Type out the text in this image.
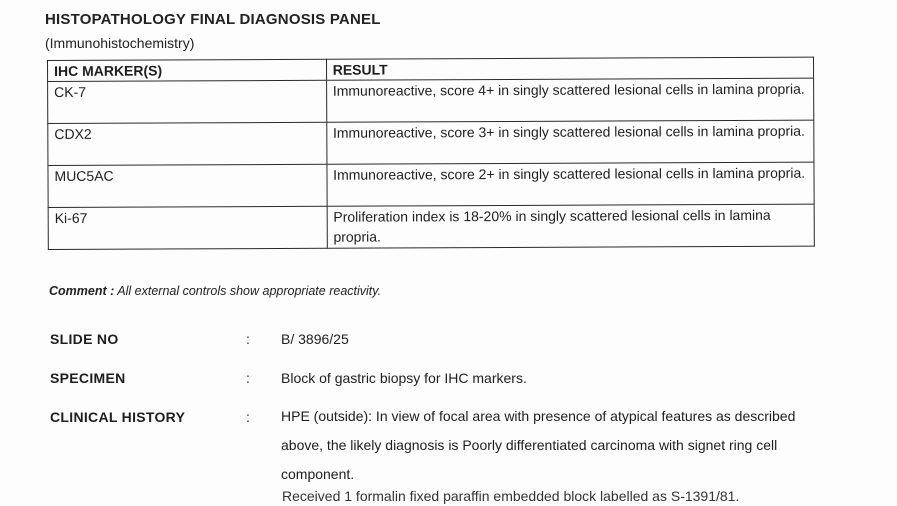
HISTOPATHOLOGY FINAL DIAGNOSIS PANEL
(Immunohistochemistry)
IHC MARKER(S)	RESULT
CK-7	Immunoreactive, score 4+ in singly scattered lesional cells in lamina propria.
CDX2	Immunoreactive, score 3+ in singly scattered lesional cells in lamina propria.
MUC5AC	Immunoreactive, score 2+ in singly scattered lesional cells in lamina propria.
Ki-67	Proliferation index is 18-20% in singly scattered lesional cells in lamina propria.
Comment : All external controls show appropriate reactivity.
SLIDE NO	: B/ 3896/25
SPECIMEN	: Block of gastric biopsy for IHC markers.
CLINICAL HISTORY	: HPE (outside): In view of focal area with presence of atypical features as described above, the likely diagnosis is Poorly differentiated carcinoma with signet ring cell component.
Received 1 formalin fixed paraffin embedded block labelled as S-1391/81.
